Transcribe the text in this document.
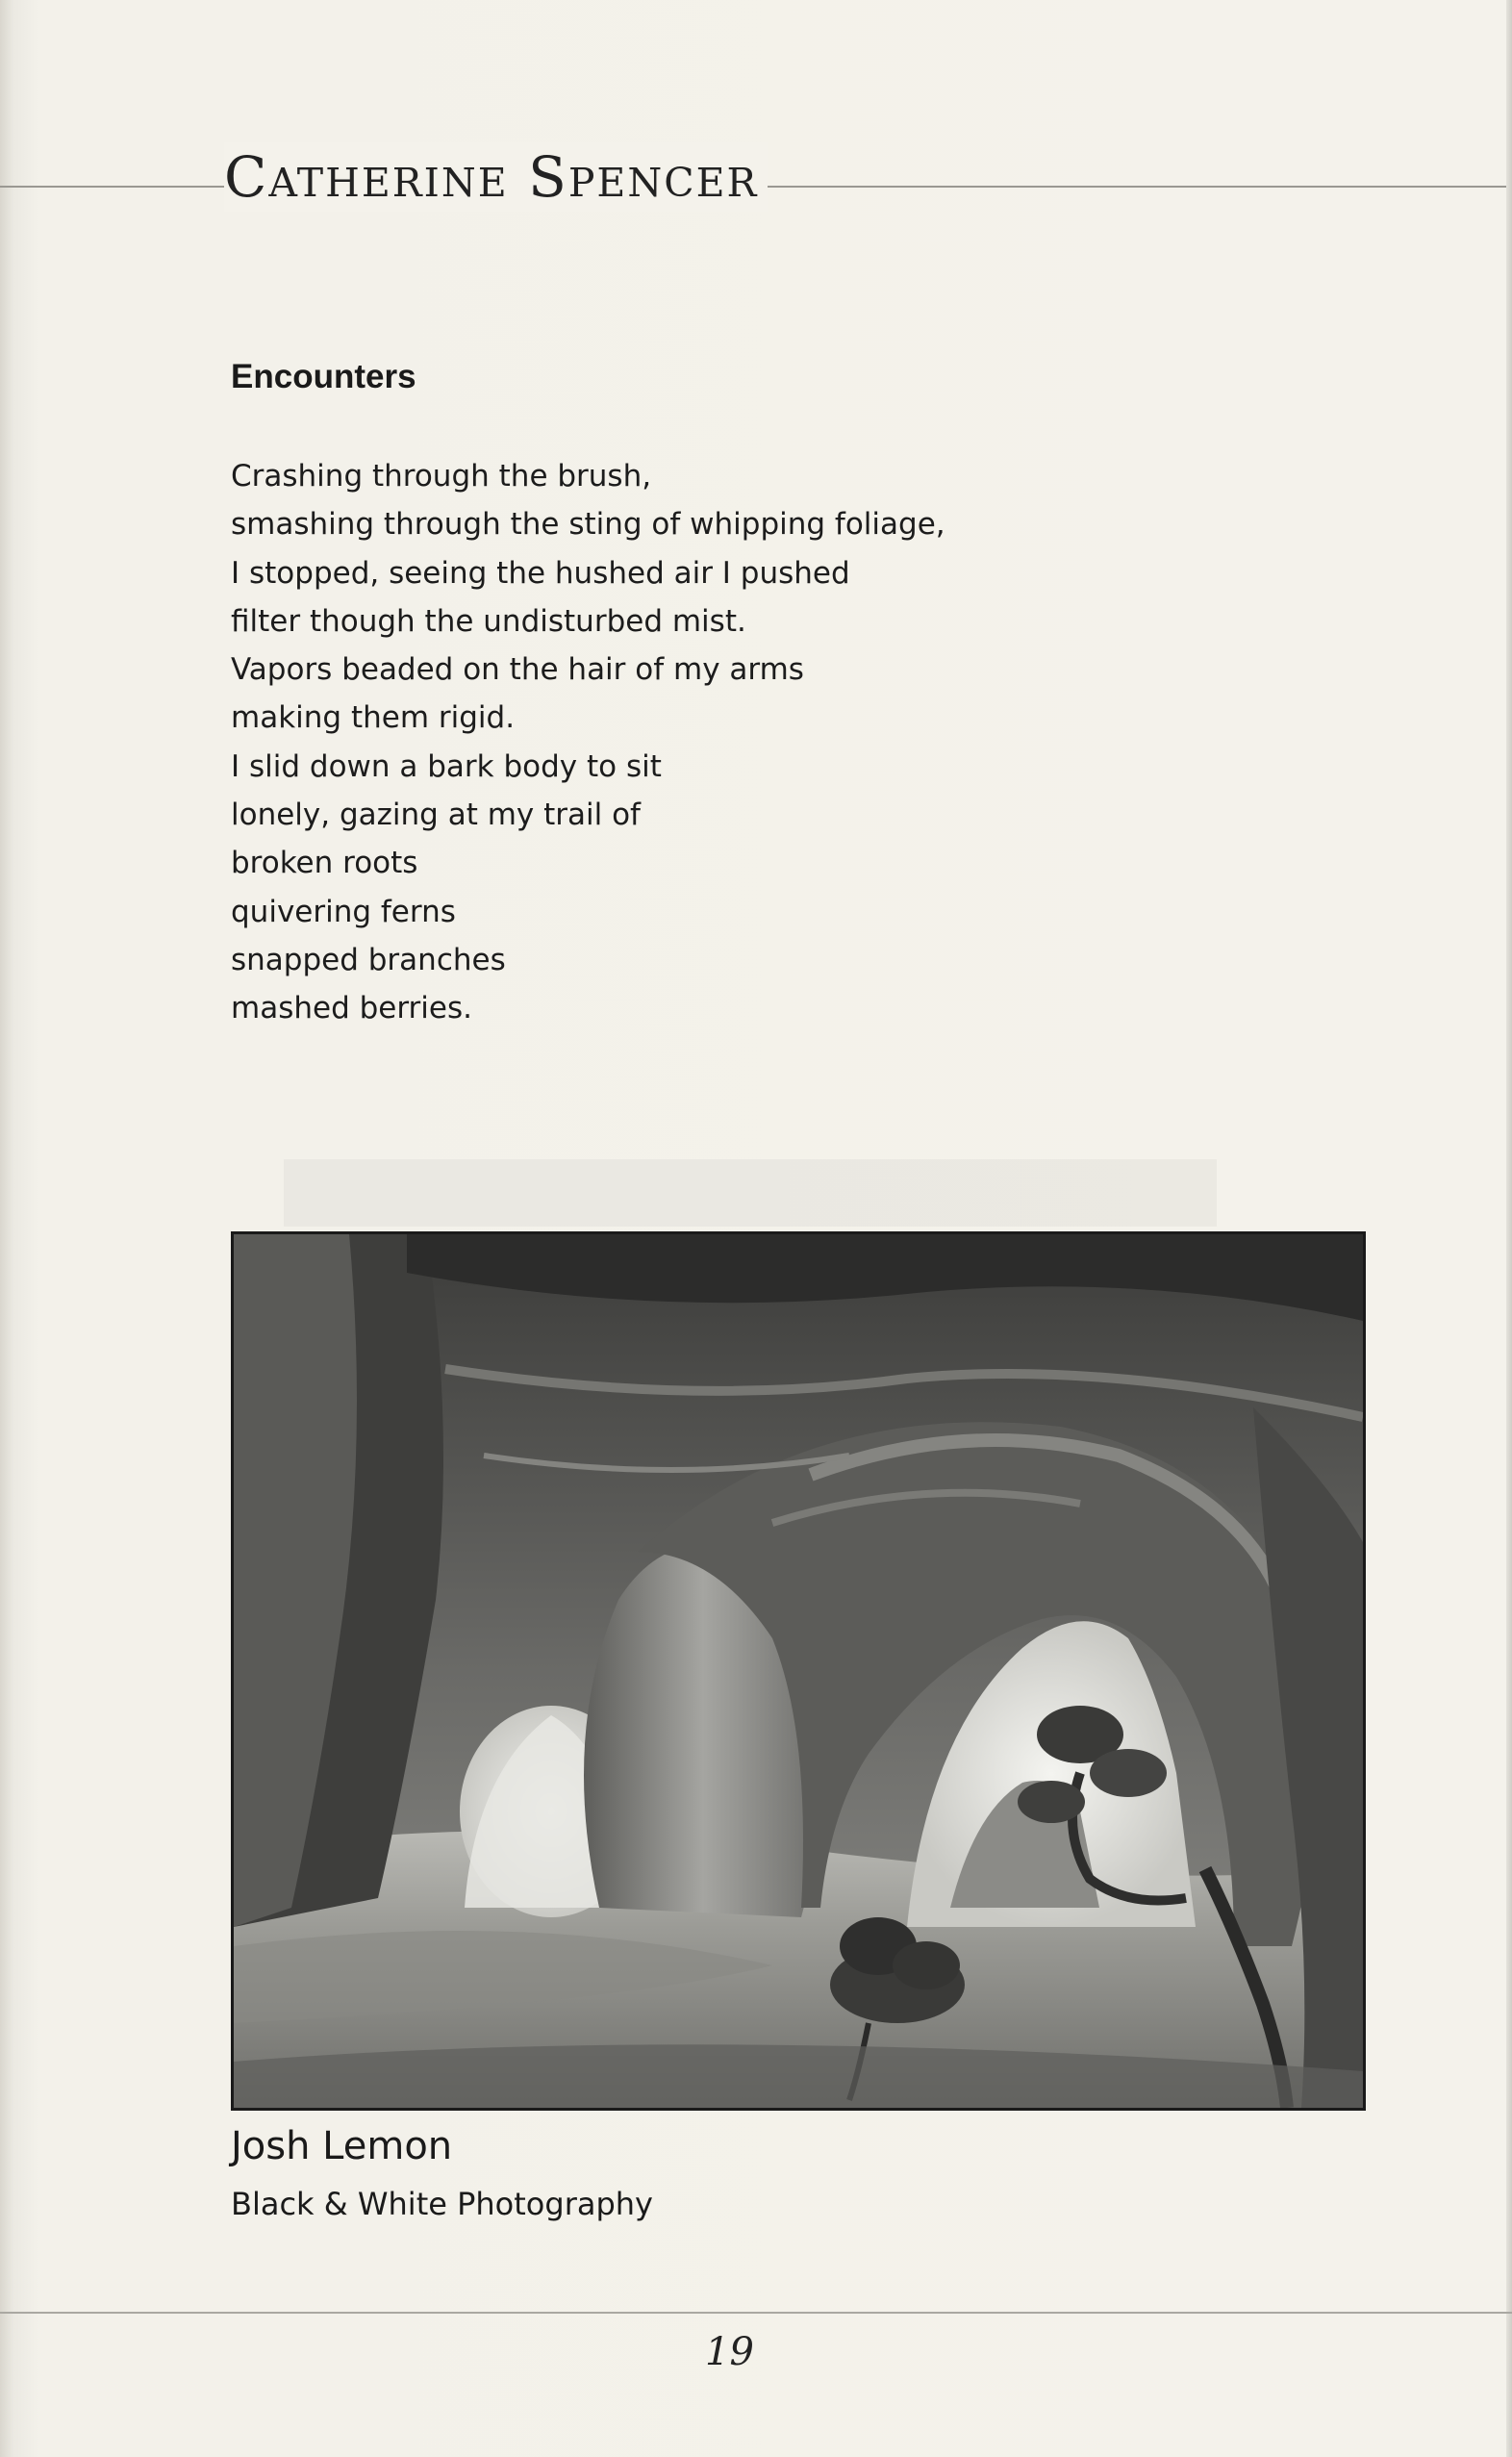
Catherine Spencer
Encounters
Crashing through the brush,
smashing through the sting of whipping foliage,
I stopped, seeing the hushed air I pushed
filter though the undisturbed mist.
Vapors beaded on the hair of my arms
making them rigid.
I slid down a bark body to sit
lonely, gazing at my trail of
broken roots
quivering ferns
snapped branches
mashed berries.
Josh Lemon
Black & White Photography
19
